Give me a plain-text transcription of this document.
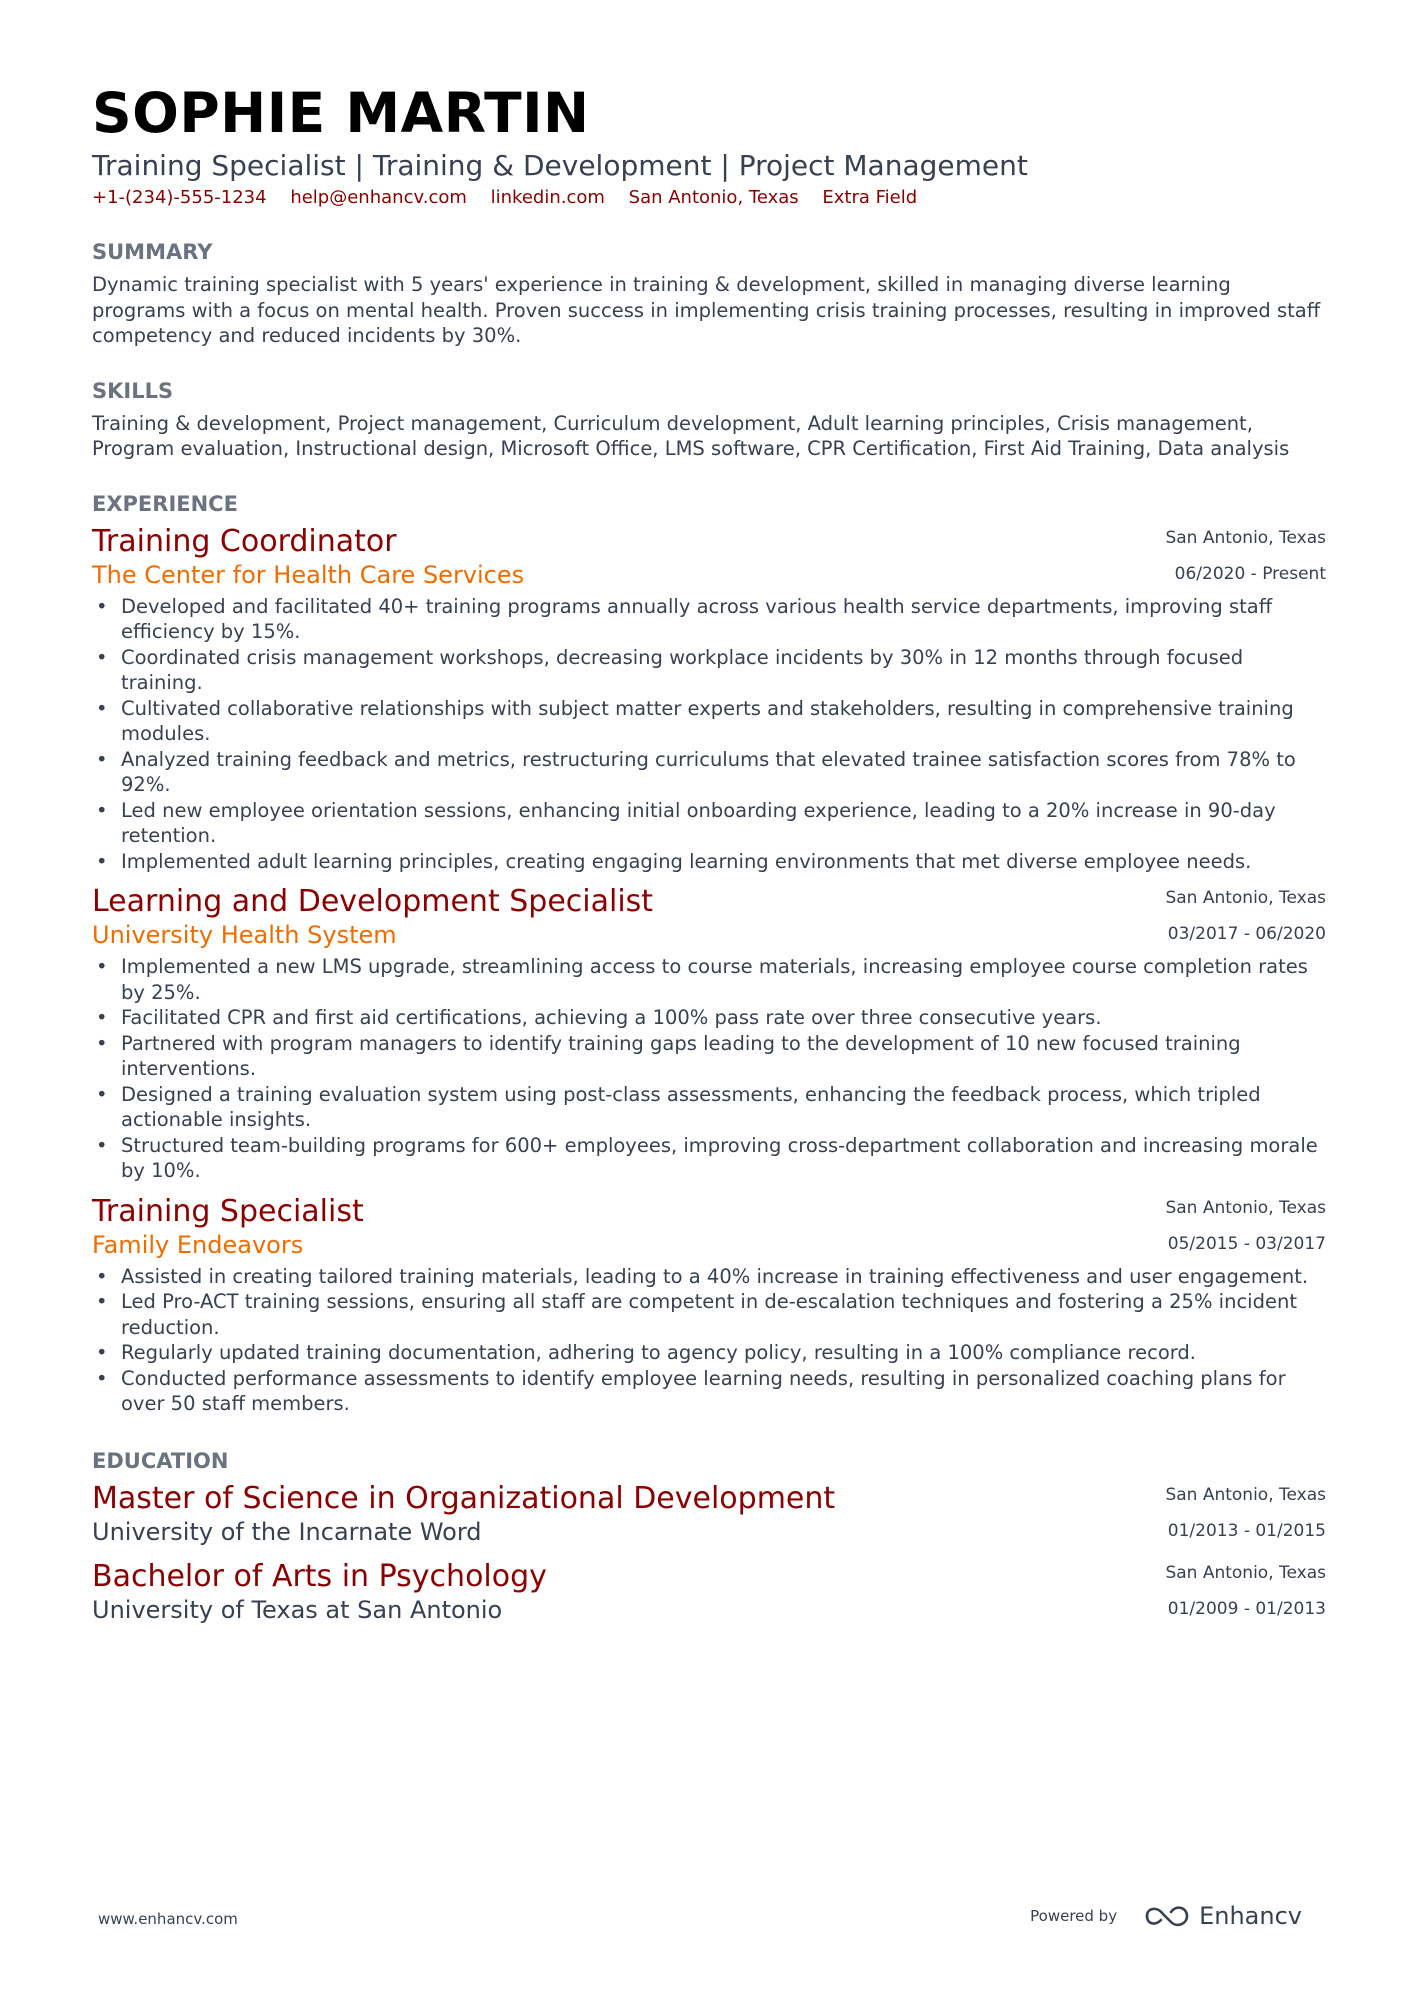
SOPHIE MARTIN
Training Specialist | Training & Development | Project Management
+1-(234)-555-1234 help@enhancv.com linkedin.com San Antonio, Texas Extra Field
SUMMARY
Dynamic training specialist with 5 years' experience in training & development, skilled in managing diverse learning programs with a focus on mental health. Proven success in implementing crisis training processes, resulting in improved staff competency and reduced incidents by 30%.
SKILLS
Training & development, Project management, Curriculum development, Adult learning principles, Crisis management, Program evaluation, Instructional design, Microsoft Office, LMS software, CPR Certification, First Aid Training, Data analysis
EXPERIENCE
Training Coordinator
The Center for Health Care Services
San Antonio, Texas
06/2020 - Present
• Developed and facilitated 40+ training programs annually across various health service departments, improving staff efficiency by 15%.
• Coordinated crisis management workshops, decreasing workplace incidents by 30% in 12 months through focused training.
• Cultivated collaborative relationships with subject matter experts and stakeholders, resulting in comprehensive training modules.
• Analyzed training feedback and metrics, restructuring curriculums that elevated trainee satisfaction scores from 78% to 92%.
• Led new employee orientation sessions, enhancing initial onboarding experience, leading to a 20% increase in 90-day retention.
• Implemented adult learning principles, creating engaging learning environments that met diverse employee needs.
Learning and Development Specialist
University Health System
San Antonio, Texas
03/2017 - 06/2020
• Implemented a new LMS upgrade, streamlining access to course materials, increasing employee course completion rates by 25%.
• Facilitated CPR and first aid certifications, achieving a 100% pass rate over three consecutive years.
• Partnered with program managers to identify training gaps leading to the development of 10 new focused training interventions.
• Designed a training evaluation system using post-class assessments, enhancing the feedback process, which tripled actionable insights.
• Structured team-building programs for 600+ employees, improving cross-department collaboration and increasing morale by 10%.
Training Specialist
Family Endeavors
San Antonio, Texas
05/2015 - 03/2017
• Assisted in creating tailored training materials, leading to a 40% increase in training effectiveness and user engagement.
• Led Pro-ACT training sessions, ensuring all staff are competent in de-escalation techniques and fostering a 25% incident reduction.
• Regularly updated training documentation, adhering to agency policy, resulting in a 100% compliance record.
• Conducted performance assessments to identify employee learning needs, resulting in personalized coaching plans for over 50 staff members.
EDUCATION
Master of Science in Organizational Development
University of the Incarnate Word
San Antonio, Texas
01/2013 - 01/2015
Bachelor of Arts in Psychology
University of Texas at San Antonio
San Antonio, Texas
01/2009 - 01/2013
www.enhancv.com	Powered by	Enhancv
